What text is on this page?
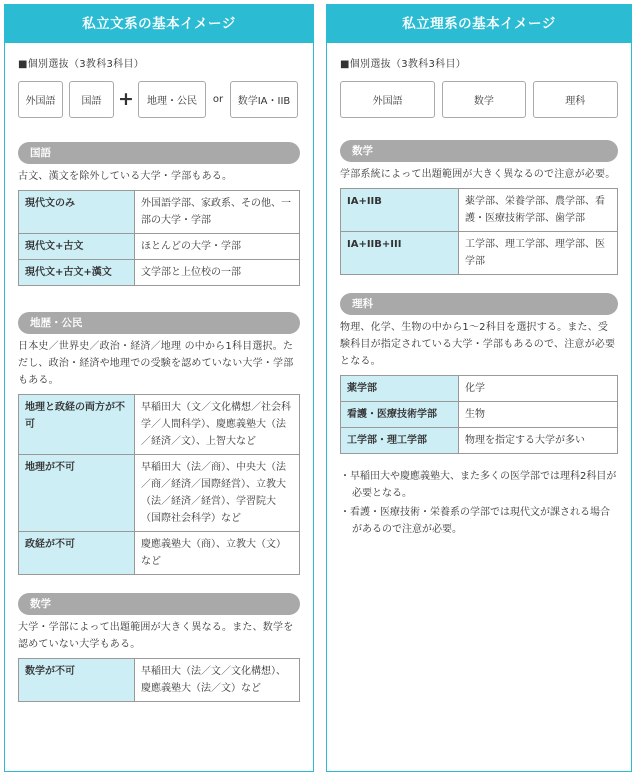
私立文系の基本イメージ
■個別選抜（3教科3科目）
外国語	国語 +	地理・公民	or	数学IA・IIB
国語
古文、漢文を除外している大学・学部もある。
現代文のみ	外国語学部、家政系、その他、一部の大学・学部
現代文+古文	ほとんどの大学・学部
現代文+古文+漢文	文学部と上位校の一部
地歴・公民
日本史／世界史／政治・経済／地理 の中から1科目選択。ただし、政治・経済や地理での受験を認めていない大学・学部もある。
地理と政経の両方が不可	早稲田大（文／文化構想／社会科学／人間科学）、慶應義塾大（法／経済／文）、上智大など
地理が不可	早稲田大（法／商）、中央大（法／商／経済／国際経営）、立教大（法／経済／経営）、学習院大（国際社会科学）など
政経が不可	慶應義塾大（商）、立教大（文）など
数学
大学・学部によって出題範囲が大きく異なる。また、数学を認めていない大学もある。
数学が不可	早稲田大（法／文／文化構想）、慶應義塾大（法／文）など
私立理系の基本イメージ
■個別選抜（3教科3科目）
外国語	数学	理科
数学
学部系統によって出題範囲が大きく異なるので注意が必要。
IA+IIB	薬学部、栄養学部、農学部、看護・医療技術学部、歯学部
IA+IIB+III	工学部、理工学部、理学部、医学部
理科
物理、化学、生物の中から1～2科目を選択する。また、受験科目が指定されている大学・学部もあるので、注意が必要となる。
薬学部	化学
看護・医療技術学部	生物
工学部・理工学部	物理を指定する大学が多い
・早稲田大や慶應義塾大、また多くの医学部では理科2科目が必要となる。
・看護・医療技術・栄養系の学部では現代文が課される場合があるので注意が必要。
